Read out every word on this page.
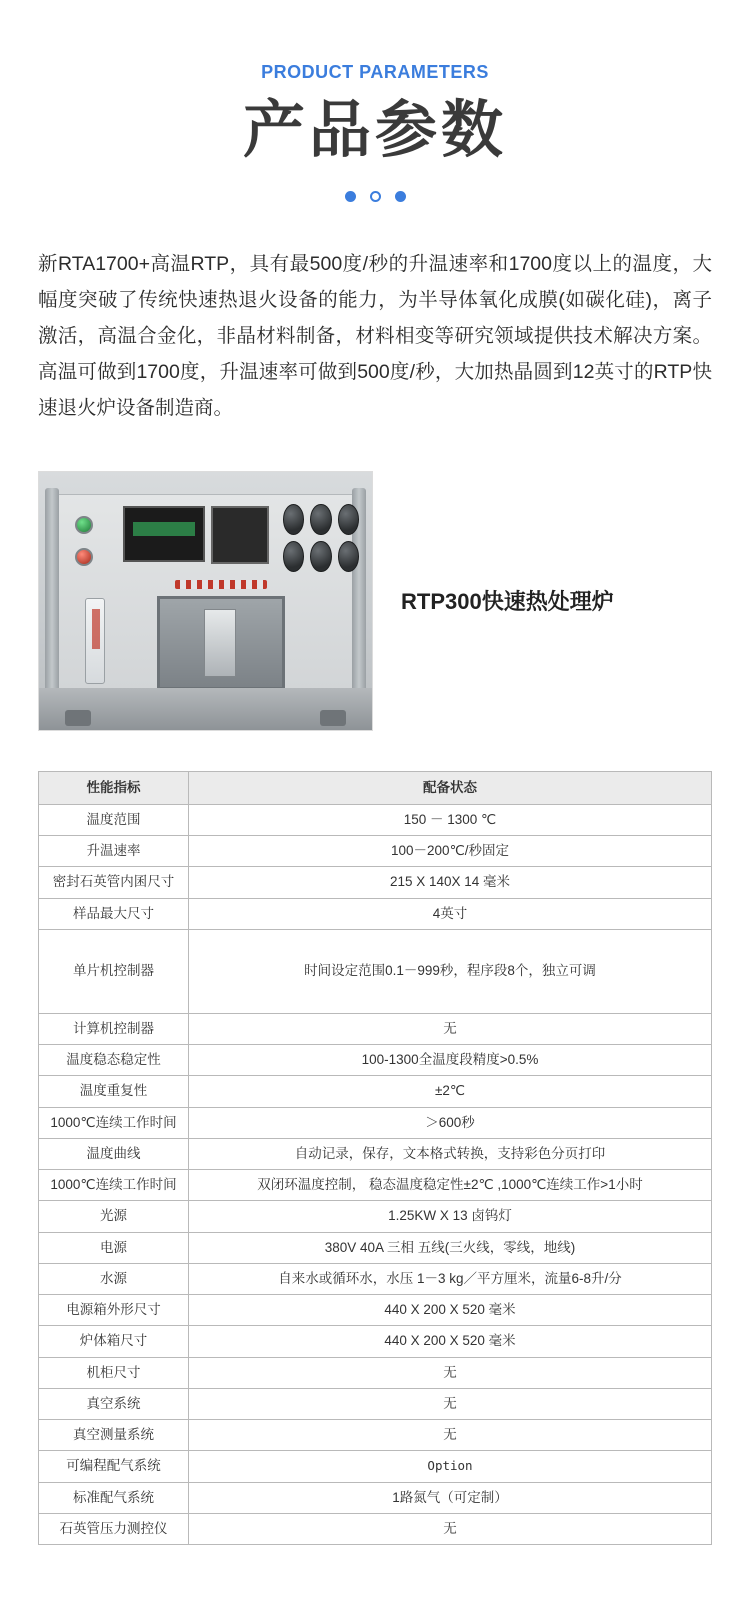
PRODUCT PARAMETERS
产品参数

新RTA1700+高温RTP，具有最500度/秒的升温速率和1700度以上的温度，大幅度突破了传统快速热退火设备的能力，为半导体氧化成膜(如碳化硅)，离子激活，高温合金化，非晶材料制备，材料相变等研究领域提供技术解决方案。高温可做到1700度，升温速率可做到500度/秒，大加热晶圆到12英寸的RTP快速退火炉设备制造商。

RTP300快速热处理炉
性能指标	配备状态
温度范围	150 － 1300 ℃
升温速率	100－200℃/秒固定
密封石英管内囷尺寸	215 X 140X 14 毫米
样品最大尺寸	4英寸
单片机控制器	时间设定范围0.1－999秒，程序段8个，独立可调
计算机控制器	无
温度稳态稳定性	100-1300全温度段精度>0.5%
温度重复性	±2℃
1000℃连续工作时间	＞600秒
温度曲线	自动记录，保存，文本格式转换，支持彩色分页打印
1000℃连续工作时间	双闭环温度控制， 稳态温度稳定性±2℃ ,1000℃连续工作>1小时
光源	1.25KW X 13 卤钨灯
电源	380V 40A 三相 五线(三火线，零线，地线)
水源	自来水或循环水，水压 1－3 kg／平方厘米，流量6-8升/分
电源箱外形尺寸	440 X 200 X 520 毫米
炉体箱尺寸	440 X 200 X 520 毫米
机柜尺寸	无
真空系统	无
真空测量系统	无
可编程配气系统	Option
标准配气系统	1路氮气（可定制）
石英管压力测控仪	无
